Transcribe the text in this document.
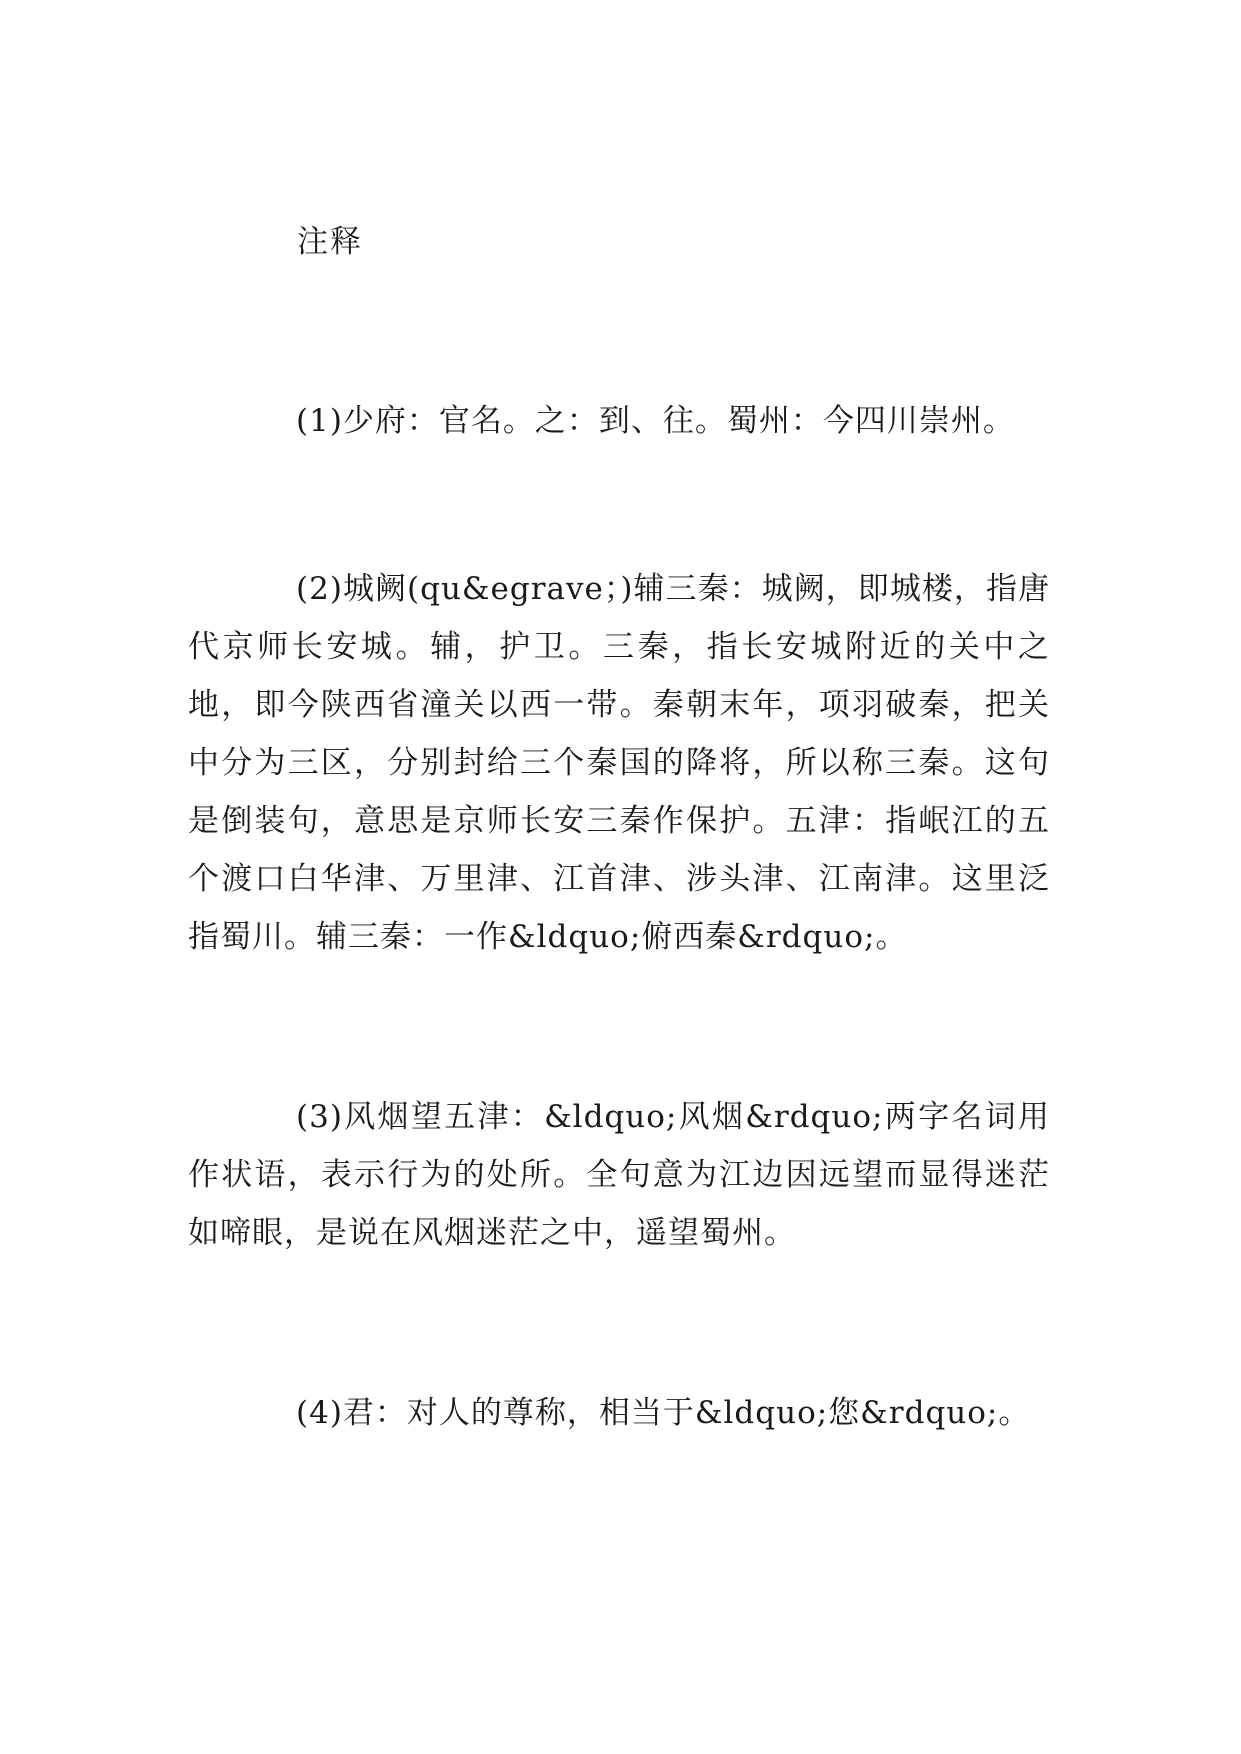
注释

(1)少府：官名。之：到、往。蜀州：今四川崇州。

(2)城阙(qu&egrave；)辅三秦：城阙，即城楼，指唐代京师长安城。辅，护卫。三秦，指长安城附近的关中之地，即今陕西省潼关以西一带。秦朝末年，项羽破秦，把关中分为三区，分别封给三个秦国的降将，所以称三秦。这句是倒装句，意思是京师长安三秦作保护。五津：指岷江的五个渡口白华津、万里津、江首津、涉头津、江南津。这里泛指蜀川。辅三秦：一作&ldquo;俯西秦&rdquo;。

(3)风烟望五津：&ldquo;风烟&rdquo;两字名词用作状语，表示行为的处所。全句意为江边因远望而显得迷茫如啼眼，是说在风烟迷茫之中，遥望蜀州。

(4)君：对人的尊称，相当于&ldquo;您&rdquo;。
